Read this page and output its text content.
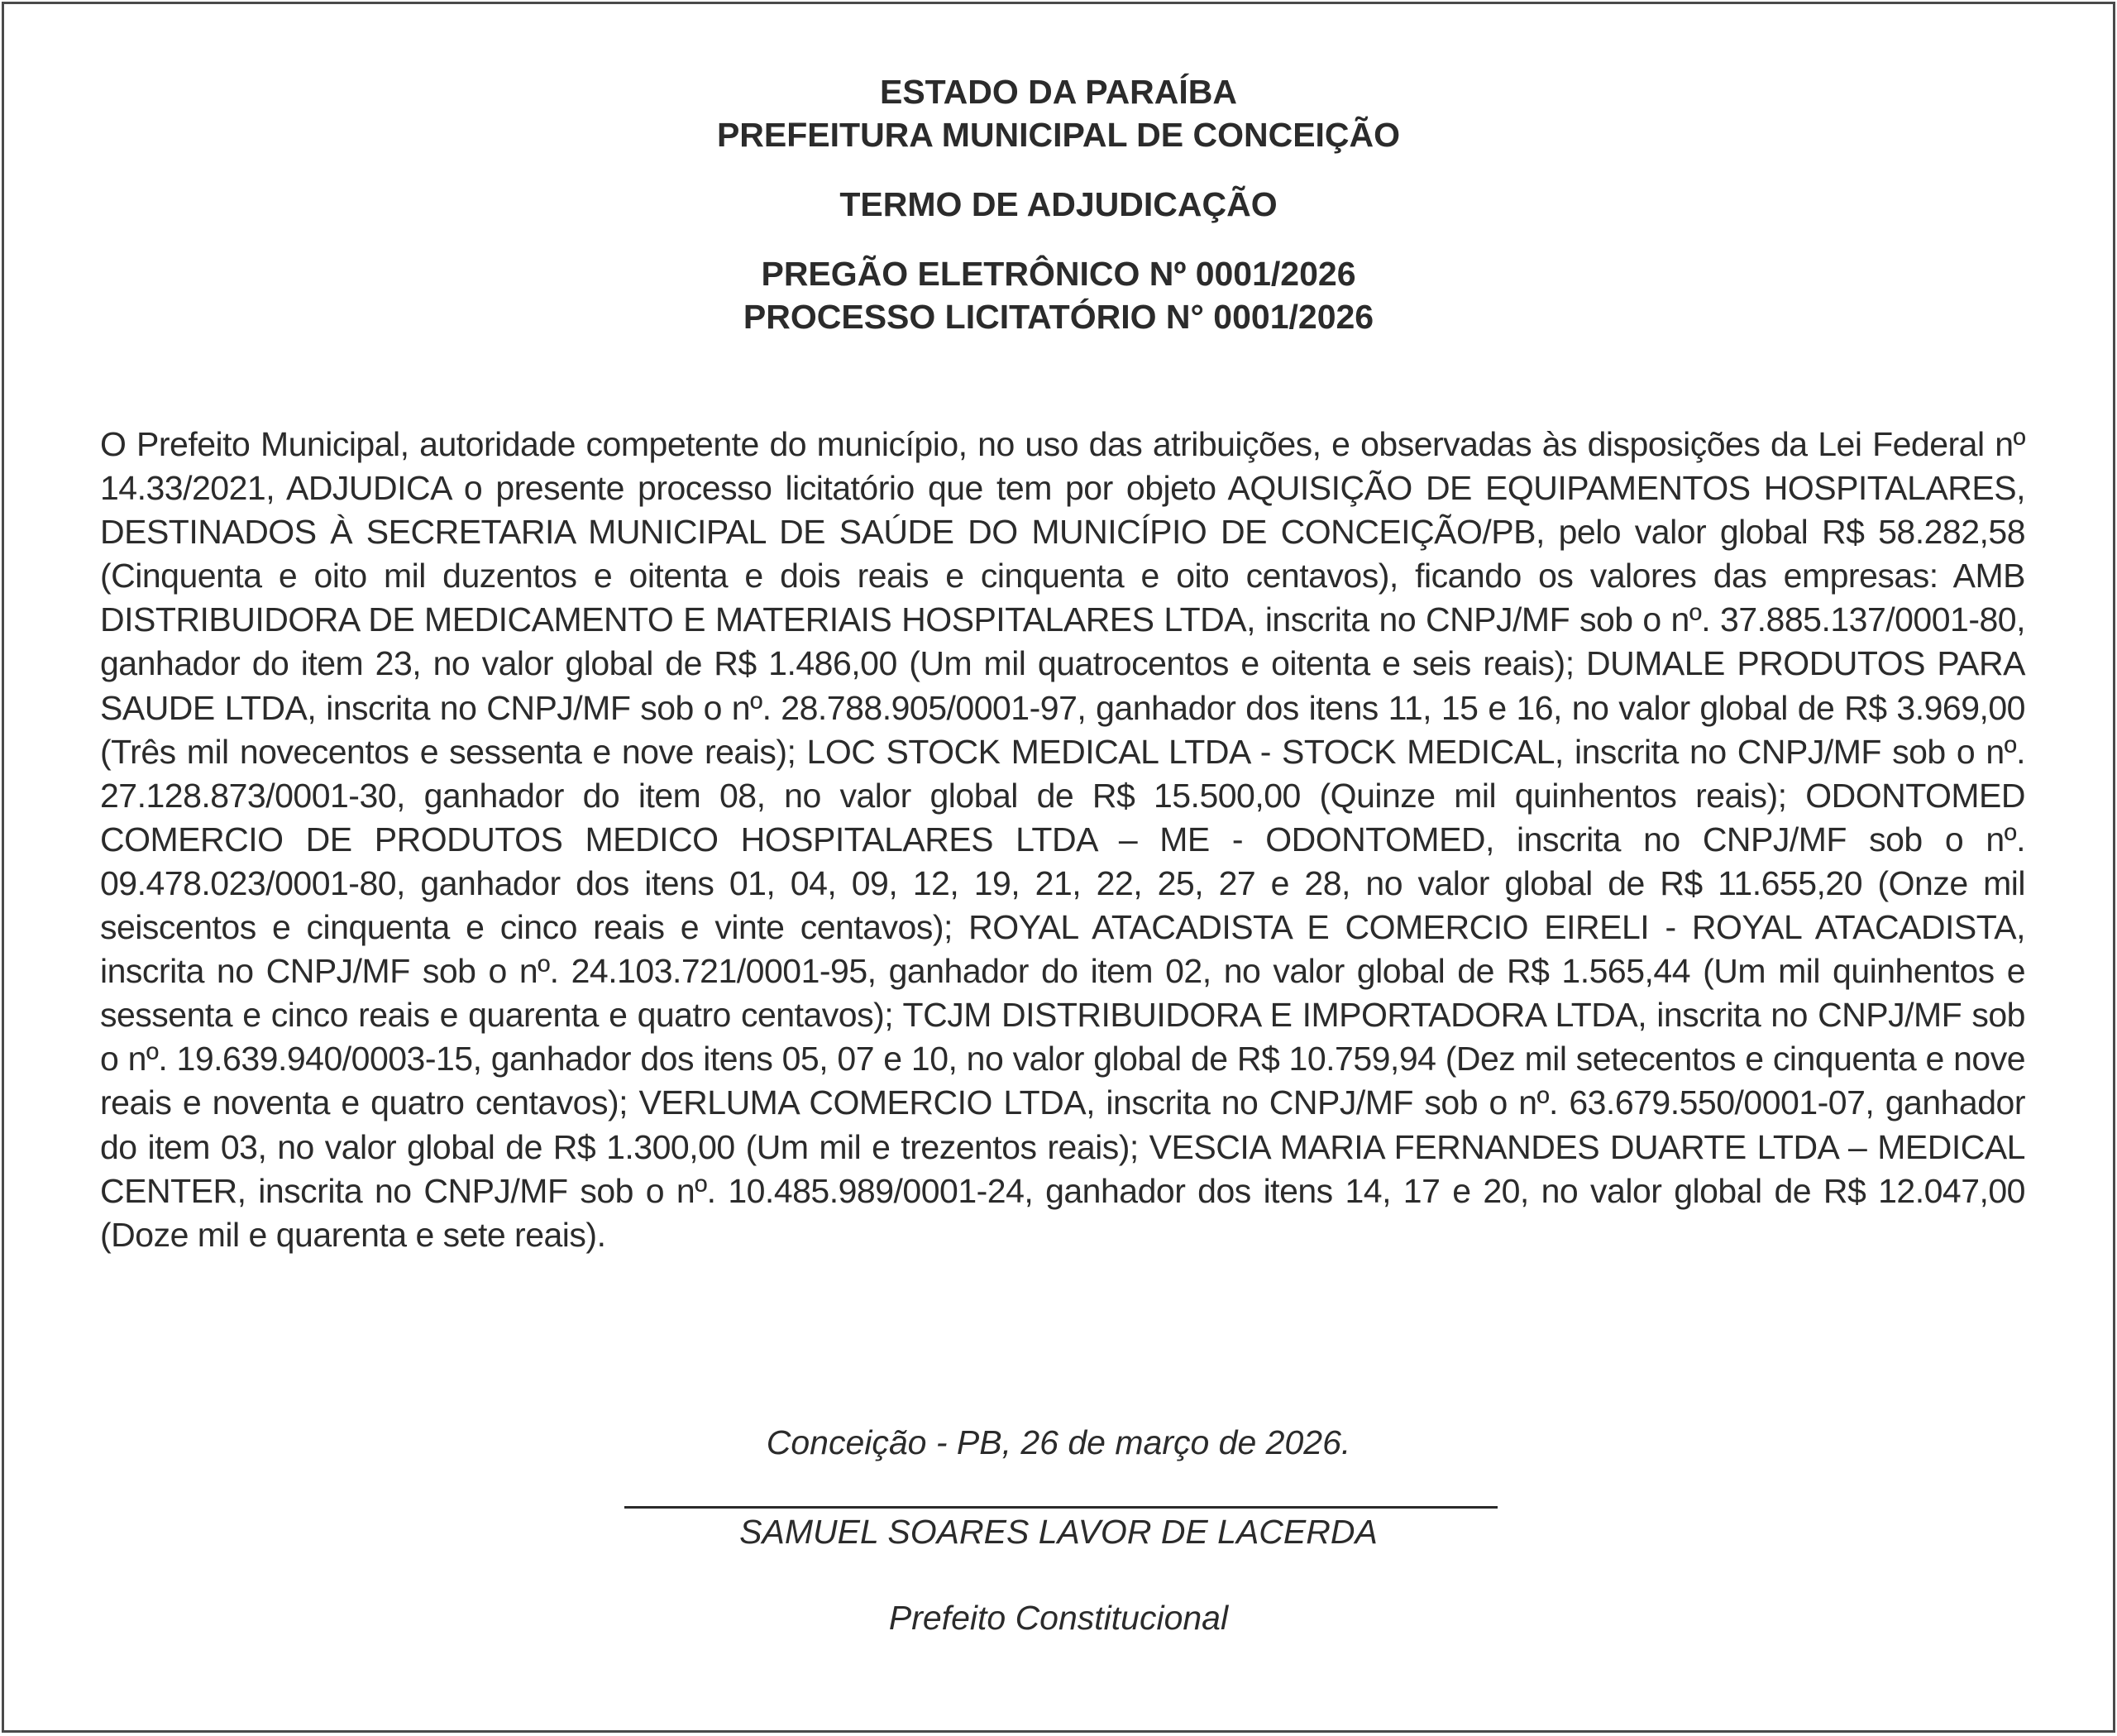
ESTADO DA PARAÍBA
PREFEITURA MUNICIPAL DE CONCEIÇÃO
TERMO DE ADJUDICAÇÃO
PREGÃO ELETRÔNICO Nº 0001/2026
PROCESSO LICITATÓRIO N° 0001/2026

O Prefeito Municipal, autoridade competente do município, no uso das atribuições, e observadas às disposições da Lei Federal nº 14.33/2021, ADJUDICA o presente processo licitatório que tem por objeto AQUISIÇÃO DE EQUIPAMENTOS HOSPITALARES, DESTINADOS À SECRETARIA MUNICIPAL DE SAÚDE DO MUNICÍPIO DE CONCEIÇÃO/PB, pelo valor global R$ 58.282,58 (Cinquenta e oito mil duzentos e oitenta e dois reais e cinquenta e oito centavos), ficando os valores das empresas: AMB DISTRIBUIDORA DE MEDICAMENTO E MATERIAIS HOSPITALARES LTDA, inscrita no CNPJ/MF sob o nº. 37.885.137/0001-80, ganhador do item 23, no valor global de R$ 1.486,00 (Um mil quatrocentos e oitenta e seis reais); DUMALE PRODUTOS PARA SAUDE LTDA, inscrita no CNPJ/MF sob o nº. 28.788.905/0001-97, ganhador dos itens 11, 15 e 16, no valor global de R$ 3.969,00 (Três mil novecentos e sessenta e nove reais); LOC STOCK MEDICAL LTDA - STOCK MEDICAL, inscrita no CNPJ/MF sob o nº. 27.128.873/0001-30, ganhador do item 08, no valor global de R$ 15.500,00 (Quinze mil quinhentos reais); ODONTOMED COMERCIO DE PRODUTOS MEDICO HOSPITALARES LTDA – ME - ODONTOMED, inscrita no CNPJ/MF sob o nº. 09.478.023/0001-80, ganhador dos itens 01, 04, 09, 12, 19, 21, 22, 25, 27 e 28, no valor global de R$ 11.655,20 (Onze mil seiscentos e cinquenta e cinco reais e vinte centavos); ROYAL ATACADISTA E COMERCIO EIRELI - ROYAL ATACADISTA, inscrita no CNPJ/MF sob o nº. 24.103.721/0001-95, ganhador do item 02, no valor global de R$ 1.565,44 (Um mil quinhentos e sessenta e cinco reais e quarenta e quatro centavos); TCJM DISTRIBUIDORA E IMPORTADORA LTDA, inscrita no CNPJ/MF sob o nº. 19.639.940/0003-15, ganhador dos itens 05, 07 e 10, no valor global de R$ 10.759,94 (Dez mil setecentos e cinquenta e nove reais e noventa e quatro centavos); VERLUMA COMERCIO LTDA, inscrita no CNPJ/MF sob o nº. 63.679.550/0001-07, ganhador do item 03, no valor global de R$ 1.300,00 (Um mil e trezentos reais); VESCIA MARIA FERNANDES DUARTE LTDA – MEDICAL CENTER, inscrita no CNPJ/MF sob o nº. 10.485.989/0001-24, ganhador dos itens 14, 17 e 20, no valor global de R$ 12.047,00 (Doze mil e quarenta e sete reais).

Conceição - PB, 26 de março de 2026.
SAMUEL SOARES LAVOR DE LACERDA
Prefeito Constitucional
